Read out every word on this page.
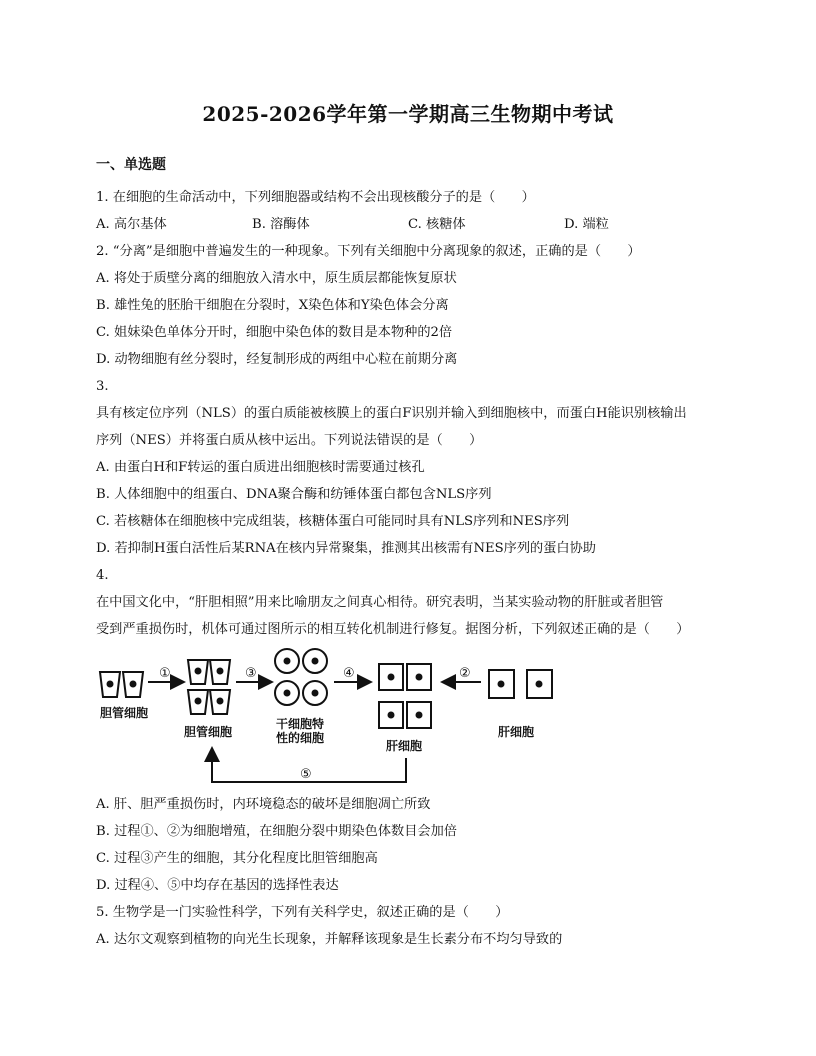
2025-2026学年第一学期高三生物期中考试
一、单选题
1. 在细胞的生命活动中，下列细胞器或结构不会出现核酸分子的是（　　）
A. 高尔基体	B. 溶酶体	C. 核糖体	D. 端粒
2. “分离”是细胞中普遍发生的一种现象。下列有关细胞中分离现象的叙述，正确的是（　　）
A. 将处于质壁分离的细胞放入清水中，原生质层都能恢复原状
B. 雄性兔的胚胎干细胞在分裂时，X染色体和Y染色体会分离
C. 姐妹染色单体分开时，细胞中染色体的数目是本物种的2倍
D. 动物细胞有丝分裂时，经复制形成的两组中心粒在前期分离
3.
具有核定位序列（NLS）的蛋白质能被核膜上的蛋白F识别并输入到细胞核中，而蛋白H能识别核输出
序列（NES）并将蛋白质从核中运出。下列说法错误的是（　　）
A. 由蛋白H和F转运的蛋白质进出细胞核时需要通过核孔
B. 人体细胞中的组蛋白、DNA聚合酶和纺锤体蛋白都包含NLS序列
C. 若核糖体在细胞核中完成组装，核糖体蛋白可能同时具有NLS序列和NES序列
D. 若抑制H蛋白活性后某RNA在核内异常聚集，推测其出核需有NES序列的蛋白协助
4.
在中国文化中，“肝胆相照”用来比喻朋友之间真心相待。研究表明，当某实验动物的肝脏或者胆管
受到严重损伤时，机体可通过图所示的相互转化机制进行修复。据图分析，下列叙述正确的是（　　）
胆管细胞
①
胆管细胞
③
干细胞特
性的细胞
④
肝细胞
②
肝细胞
⑤
A. 肝、胆严重损伤时，内环境稳态的破坏是细胞凋亡所致
B. 过程①、②为细胞增殖，在细胞分裂中期染色体数目会加倍
C. 过程③产生的细胞，其分化程度比胆管细胞高
D. 过程④、⑤中均存在基因的选择性表达
5. 生物学是一门实验性科学，下列有关科学史，叙述正确的是（　　）
A. 达尔文观察到植物的向光生长现象，并解释该现象是生长素分布不均匀导致的
